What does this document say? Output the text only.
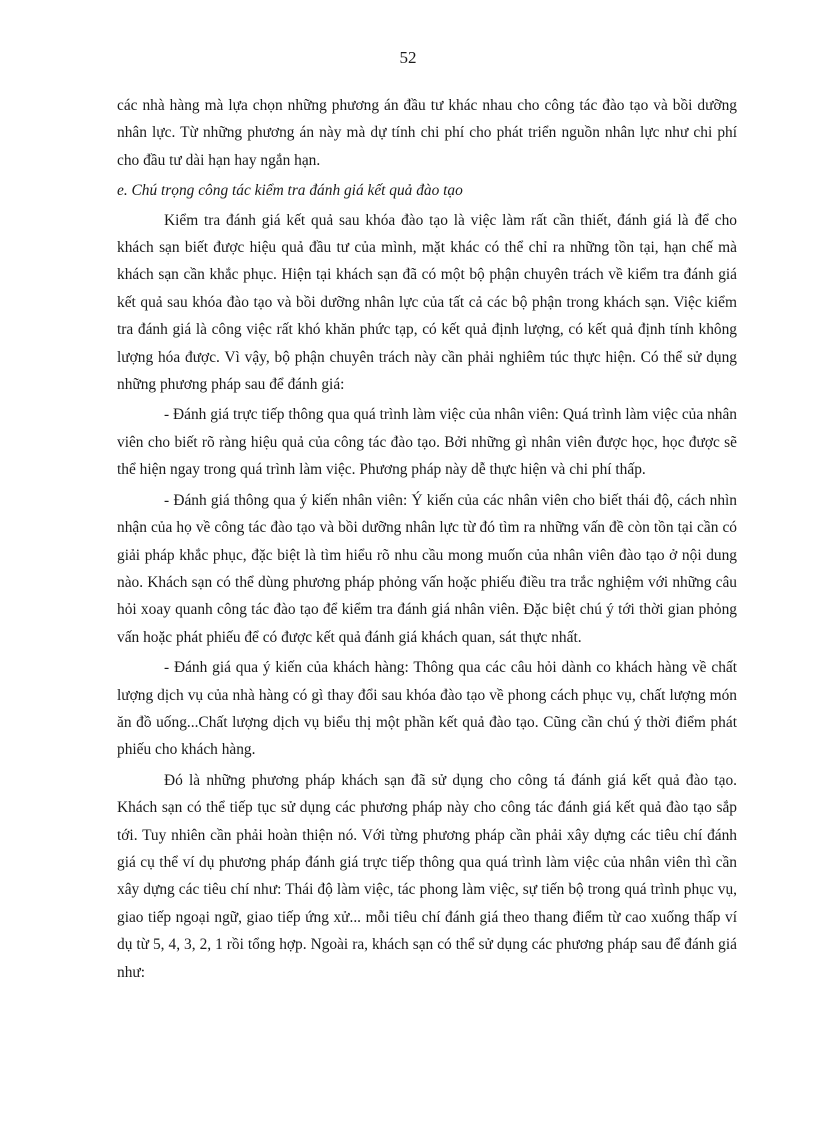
52

các nhà hàng mà lựa chọn những phương án đầu tư khác nhau cho công tác đào tạo và bồi dưỡng nhân lực. Từ những phương án này mà dự tính chi phí cho phát triển nguồn nhân lực như chi phí cho đầu tư dài hạn hay ngắn hạn.

e. Chú trọng công tác kiểm tra đánh giá kết quả đào tạo

Kiểm tra đánh giá kết quả sau khóa đào tạo là việc làm rất cần thiết, đánh giá là để cho khách sạn biết được hiệu quả đầu tư của mình, mặt khác có thể chỉ ra những tồn tại, hạn chế mà khách sạn cần khắc phục. Hiện tại khách sạn đã có một bộ phận chuyên trách về kiểm tra đánh giá kết quả sau khóa đào tạo và bồi dưỡng nhân lực của tất cả các bộ phận trong khách sạn. Việc kiểm tra đánh giá là công việc rất khó khăn phức tạp, có kết quả định lượng, có kết quả định tính không lượng hóa được. Vì vậy, bộ phận chuyên trách này cần phải nghiêm túc thực hiện. Có thể sử dụng những phương pháp sau để đánh giá:

- Đánh giá trực tiếp thông qua quá trình làm việc của nhân viên: Quá trình làm việc của nhân viên cho biết rõ ràng hiệu quả của công tác đào tạo. Bởi những gì nhân viên được học, học được sẽ thể hiện ngay trong quá trình làm việc. Phương pháp này dễ thực hiện và chi phí thấp.

- Đánh giá thông qua ý kiến nhân viên: Ý kiến của các nhân viên cho biết thái độ, cách nhìn nhận của họ về công tác đào tạo và bồi dưỡng nhân lực từ đó tìm ra những vấn đề còn tồn tại cần có giải pháp khắc phục, đặc biệt là tìm hiểu rõ nhu cầu mong muốn của nhân viên đào tạo ở nội dung nào. Khách sạn có thể dùng phương pháp phỏng vấn hoặc phiếu điều tra trắc nghiệm với những câu hỏi xoay quanh công tác đào tạo để kiểm tra đánh giá nhân viên. Đặc biệt chú ý tới thời gian phỏng vấn hoặc phát phiếu để có được kết quả đánh giá khách quan, sát thực nhất.

- Đánh giá qua ý kiến của khách hàng: Thông qua các câu hỏi dành co khách hàng về chất lượng dịch vụ của nhà hàng có gì thay đổi sau khóa đào tạo về phong cách phục vụ, chất lượng món ăn đồ uống...Chất lượng dịch vụ biểu thị một phần kết quả đào tạo. Cũng cần chú ý thời điểm phát phiếu cho khách hàng.

Đó là những phương pháp khách sạn đã sử dụng cho công tá đánh giá kết quả đào tạo. Khách sạn có thể tiếp tục sử dụng các phương pháp này cho công tác đánh giá kết quả đào tạo sắp tới. Tuy nhiên cần phải hoàn thiện nó. Với từng phương pháp cần phải xây dựng các tiêu chí đánh giá cụ thể ví dụ phương pháp đánh giá trực tiếp thông qua quá trình làm việc của nhân viên thì cần xây dựng các tiêu chí như: Thái độ làm việc, tác phong làm việc, sự tiến bộ trong quá trình phục vụ, giao tiếp ngoại ngữ, giao tiếp ứng xử... mỗi tiêu chí đánh giá theo thang điểm từ cao xuống thấp ví dụ từ 5, 4, 3, 2, 1 rồi tổng hợp. Ngoài ra, khách sạn có thể sử dụng các phương pháp sau để đánh giá như:
